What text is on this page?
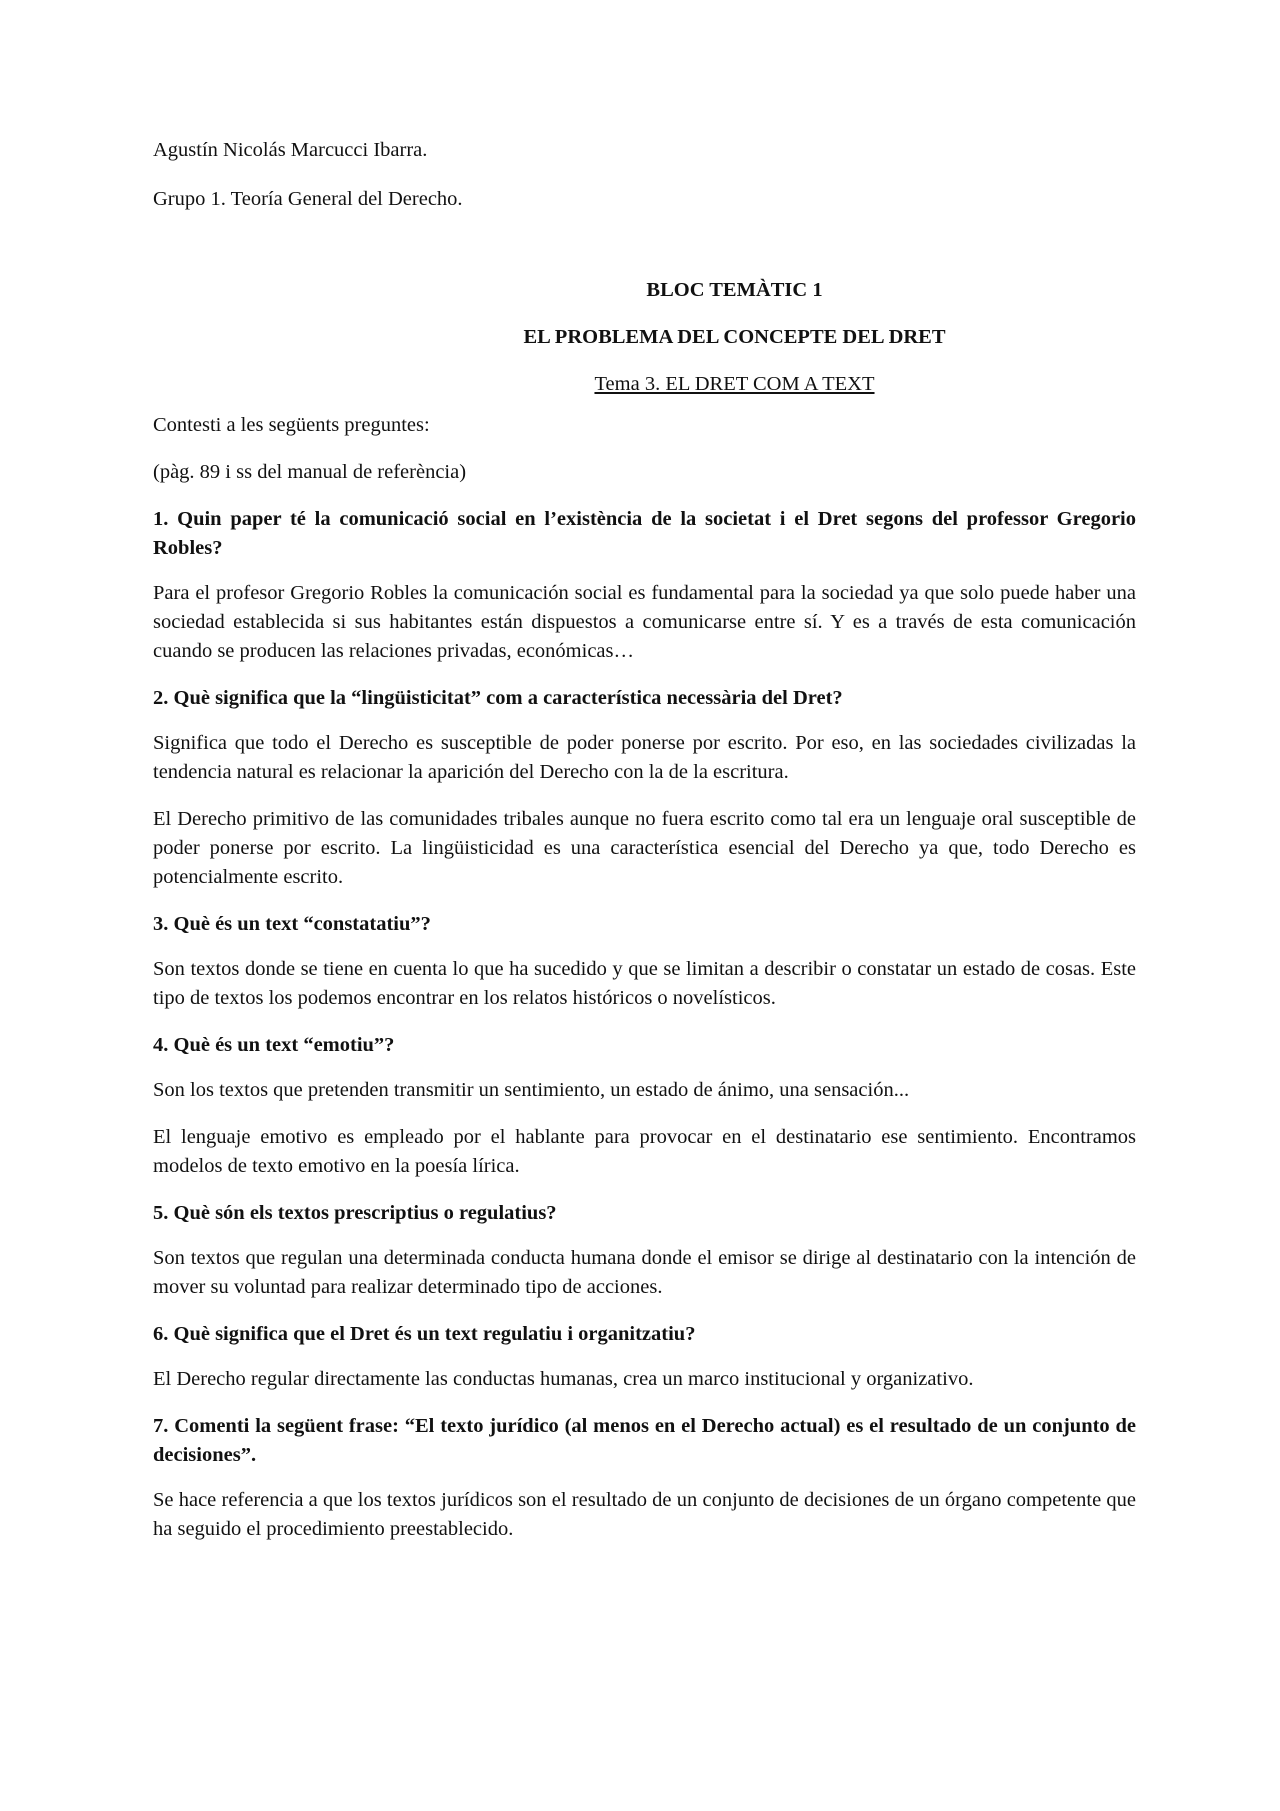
Agustín Nicolás Marcucci Ibarra.

Grupo 1. Teoría General del Derecho.

BLOC TEMÀTIC 1

EL PROBLEMA DEL CONCEPTE DEL DRET

Tema 3. EL DRET COM A TEXT

Contesti a les següents preguntes:

(pàg. 89 i ss del manual de referència)

1. Quin paper té la comunicació social en l’existència de la societat i el Dret segons del professor Gregorio Robles?

Para el profesor Gregorio Robles la comunicación social es fundamental para la sociedad ya que solo puede haber una sociedad establecida si sus habitantes están dispuestos a comunicarse entre sí. Y es a través de esta comunicación cuando se producen las relaciones privadas, económicas…

2. Què significa que la “lingüisticitat” com a característica necessària del Dret?

Significa que todo el Derecho es susceptible de poder ponerse por escrito. Por eso, en las sociedades civilizadas la tendencia natural es relacionar la aparición del Derecho con la de la escritura.

El Derecho primitivo de las comunidades tribales aunque no fuera escrito como tal era un lenguaje oral susceptible de poder ponerse por escrito. La lingüisticidad es una característica esencial del Derecho ya que, todo Derecho es potencialmente escrito.

3. Què és un text “constatatiu”?

Son textos donde se tiene en cuenta lo que ha sucedido y que se limitan a describir o constatar un estado de cosas. Este tipo de textos los podemos encontrar en los relatos históricos o novelísticos.

4. Què és un text “emotiu”?

Son los textos que pretenden transmitir un sentimiento, un estado de ánimo, una sensación...

El lenguaje emotivo es empleado por el hablante para provocar en el destinatario ese sentimiento. Encontramos modelos de texto emotivo en la poesía lírica.

5. Què són els textos prescriptius o regulatius?

Son textos que regulan una determinada conducta humana donde el emisor se dirige al destinatario con la intención de mover su voluntad para realizar determinado tipo de acciones.

6. Què significa que el Dret és un text regulatiu i organitzatiu?

El Derecho regular directamente las conductas humanas, crea un marco institucional y organizativo.

7. Comenti la següent frase: “El texto jurídico (al menos en el Derecho actual) es el resultado de un conjunto de decisiones”.

Se hace referencia a que los textos jurídicos son el resultado de un conjunto de decisiones de un órgano competente que ha seguido el procedimiento preestablecido.
